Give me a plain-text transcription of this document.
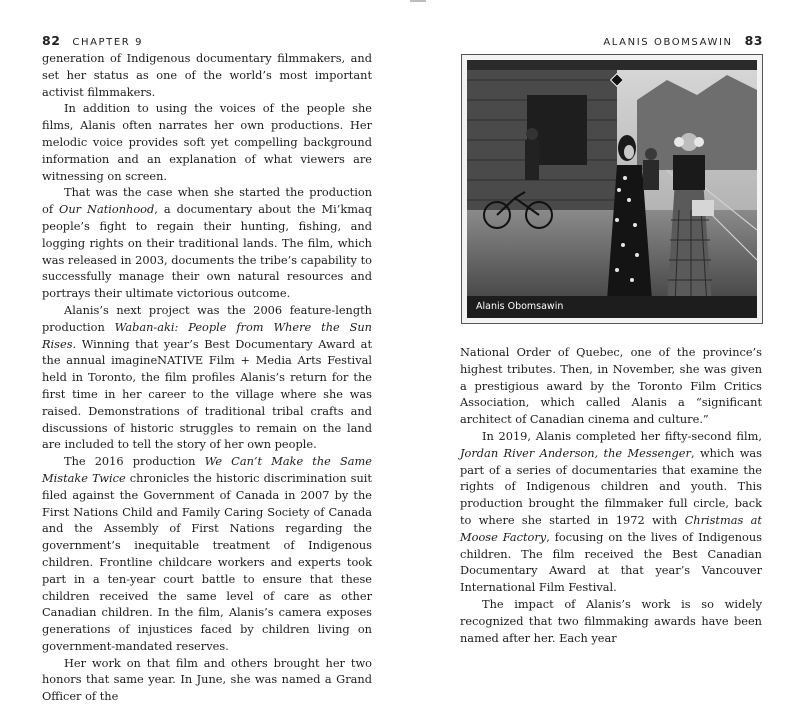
82 CHAPTER 9

generation of Indigenous documentary filmmakers, and set her status as one of the world’s most important activist filmmakers.

In addition to using the voices of the people she films, Alanis often narrates her own productions. Her melodic voice provides soft yet compelling background information and an explanation of what viewers are witnessing on screen.

That was the case when she started the production of Our Nationhood, a documentary about the Mi’kmaq people’s fight to regain their hunting, fishing, and logging rights on their traditional lands. The film, which was released in 2003, documents the tribe’s capability to successfully manage their own natural resources and portrays their ultimate victorious outcome.

Alanis’s next project was the 2006 feature-length production Waban-aki: People from Where the Sun Rises. Winning that year’s Best Documentary Award at the annual imagineNATIVE Film + Media Arts Festival held in Toronto, the film profiles Alanis’s return for the first time in her career to the village where she was raised. Demonstrations of traditional tribal crafts and discussions of historic struggles to remain on the land are included to tell the story of her own people.

The 2016 production We Can’t Make the Same Mistake Twice chronicles the historic discrimination suit filed against the Government of Canada in 2007 by the First Nations Child and Family Caring Society of Canada and the Assembly of First Nations regarding the government’s inequitable treatment of Indigenous children. Frontline childcare workers and experts took part in a ten-year court battle to ensure that these children received the same level of care as other Canadian children. In the film, Alanis’s camera exposes generations of injustices faced by children living on government-mandated reserves.

Her work on that film and others brought her two honors that same year. In June, she was named a Grand Officer of the

ALANIS OBOMSAWIN 83
Alanis Obomsawin

National Order of Quebec, one of the province’s highest tributes. Then, in November, she was given a prestigious award by the Toronto Film Critics Association, which called Alanis a “significant architect of Canadian cinema and culture.”

In 2019, Alanis completed her fifty-second film, Jordan River Anderson, the Messenger, which was part of a series of documentaries that examine the rights of Indigenous children and youth. This production brought the filmmaker full circle, back to where she started in 1972 with Christmas at Moose Factory, focusing on the lives of Indigenous children. The film received the Best Canadian Documentary Award at that year’s Vancouver International Film Festival.

The impact of Alanis’s work is so widely recognized that two filmmaking awards have been named after her. Each year
